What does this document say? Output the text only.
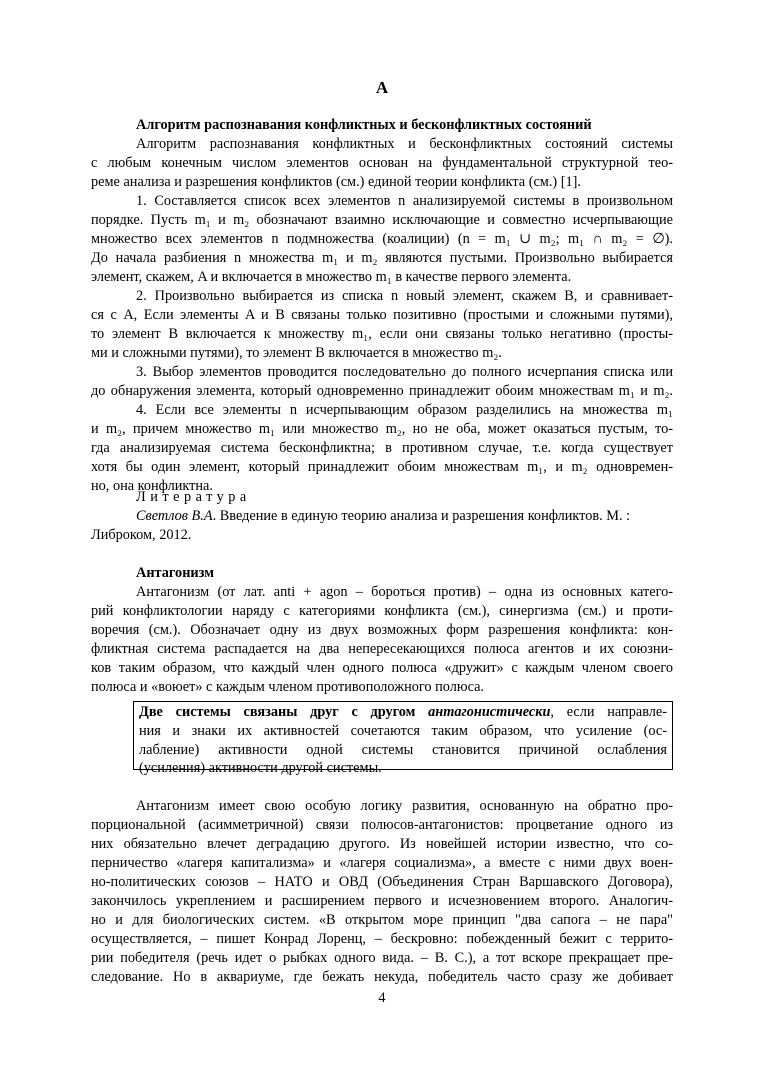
А
Алгоритм распознавания конфликтных и бесконфликтных состояний
Алгоритм распознавания конфликтных и бесконфликтных состояний системы
с любым конечным числом элементов основан на фундаментальной структурной тео-
реме анализа и разрешения конфликтов (см.) единой теории конфликта (см.) [1].
1. Составляется список всех элементов n анализируемой системы в произвольном
порядке. Пусть m₁ и m₂ обозначают взаимно исключающие и совместно исчерпывающие
множество всех элементов n подмножества (коалиции) (n = m₁ ∪ m₂; m₁ ∩ m₂ = ∅).
До начала разбиения n множества m₁ и m₂ являются пустыми. Произвольно выбирается
элемент, скажем, A и включается в множество m₁ в качестве первого элемента.
2. Произвольно выбирается из списка n новый элемент, скажем B, и сравнивает-
ся с A, Если элементы A и B связаны только позитивно (простыми и сложными путями),
то элемент B включается к множеству m₁, если они связаны только негативно (просты-
ми и сложными путями), то элемент B включается в множество m₂.
3. Выбор элементов проводится последовательно до полного исчерпания списка или
до обнаружения элемента, который одновременно принадлежит обоим множествам m₁ и m₂.
4. Если все элементы n исчерпывающим образом разделились на множества m₁
и m₂, причем множество m₁ или множество m₂, но не оба, может оказаться пустым, то-
гда анализируемая система бесконфликтна; в противном случае, т.е. когда существует
хотя бы один элемент, который принадлежит обоим множествам m₁, и m₂ одновремен-
но, она конфликтна.
Литература
Светлов В.А. Введение в единую теорию анализа и разрешения конфликтов. М. :
Либроком, 2012.
Антагонизм
Антагонизм (от лат. anti + agon – бороться против) – одна из основных катего-
рий конфликтологии наряду с категориями конфликта (см.), синергизма (см.) и проти-
воречия (см.). Обозначает одну из двух возможных форм разрешения конфликта: кон-
фликтная система распадается на два непересекающихся полюса агентов и их союзни-
ков таким образом, что каждый член одного полюса «дружит» с каждым членом своего
полюса и «воюет» с каждым членом противоположного полюса.
Две системы связаны друг с другом антагонистически, если направле-
ния и знаки их активностей сочетаются таким образом, что усиление (ос-
лабление) активности одной системы становится причиной ослабления
(усиления) активности другой системы.
Антагонизм имеет свою особую логику развития, основанную на обратно про-
порциональной (асимметричной) связи полюсов-антагонистов: процветание одного из
них обязательно влечет деградацию другого. Из новейшей истории известно, что со-
перничество «лагеря капитализма» и «лагеря социализма», а вместе с ними двух воен-
но-политических союзов – НАТО и ОВД (Объединения Стран Варшавского Договора),
закончилось укреплением и расширением первого и исчезновением второго. Аналогич-
но и для биологических систем. «В открытом море принцип "два сапога – не пара"
осуществляется, – пишет Конрад Лоренц, – бескровно: побежденный бежит с террито-
рии победителя (речь идет о рыбках одного вида. – В. С.), а тот вскоре прекращает пре-
следование. Но в аквариуме, где бежать некуда, победитель часто сразу же добивает
4
